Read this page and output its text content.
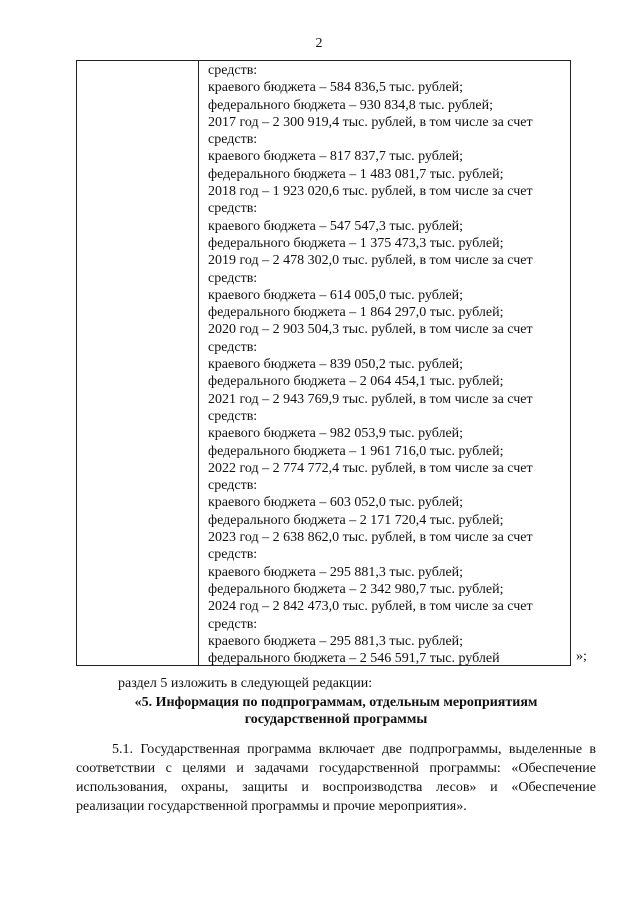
2
средств:
краевого бюджета – 584 836,5 тыс. рублей;
федерального бюджета – 930 834,8 тыс. рублей;
2017 год – 2 300 919,4 тыс. рублей, в том числе за счет
средств:
краевого бюджета – 817 837,7 тыс. рублей;
федерального бюджета – 1 483 081,7 тыс. рублей;
2018 год – 1 923 020,6 тыс. рублей, в том числе за счет
средств:
краевого бюджета – 547 547,3 тыс. рублей;
федерального бюджета – 1 375 473,3 тыс. рублей;
2019 год – 2 478 302,0 тыс. рублей, в том числе за счет
средств:
краевого бюджета – 614 005,0 тыс. рублей;
федерального бюджета – 1 864 297,0 тыс. рублей;
2020 год – 2 903 504,3 тыс. рублей, в том числе за счет
средств:
краевого бюджета – 839 050,2 тыс. рублей;
федерального бюджета – 2 064 454,1 тыс. рублей;
2021 год – 2 943 769,9 тыс. рублей, в том числе за счет
средств:
краевого бюджета – 982 053,9 тыс. рублей;
федерального бюджета – 1 961 716,0 тыс. рублей;
2022 год – 2 774 772,4 тыс. рублей, в том числе за счет
средств:
краевого бюджета – 603 052,0 тыс. рублей;
федерального бюджета – 2 171 720,4 тыс. рублей;
2023 год – 2 638 862,0 тыс. рублей, в том числе за счет
средств:
краевого бюджета – 295 881,3 тыс. рублей;
федерального бюджета – 2 342 980,7 тыс. рублей;
2024 год – 2 842 473,0 тыс. рублей, в том числе за счет
средств:
краевого бюджета – 295 881,3 тыс. рублей;
федерального бюджета – 2 546 591,7 тыс. рублей	»;
раздел 5 изложить в следующей редакции:
«5. Информация по подпрограммам, отдельным мероприятиям
государственной программы
5.1. Государственная программа включает две подпрограммы, выделенные в соответствии с целями и задачами государственной программы: «Обеспечение использования, охраны, защиты и воспроизводства лесов» и «Обеспечение реализации государственной программы и прочие мероприятия».
